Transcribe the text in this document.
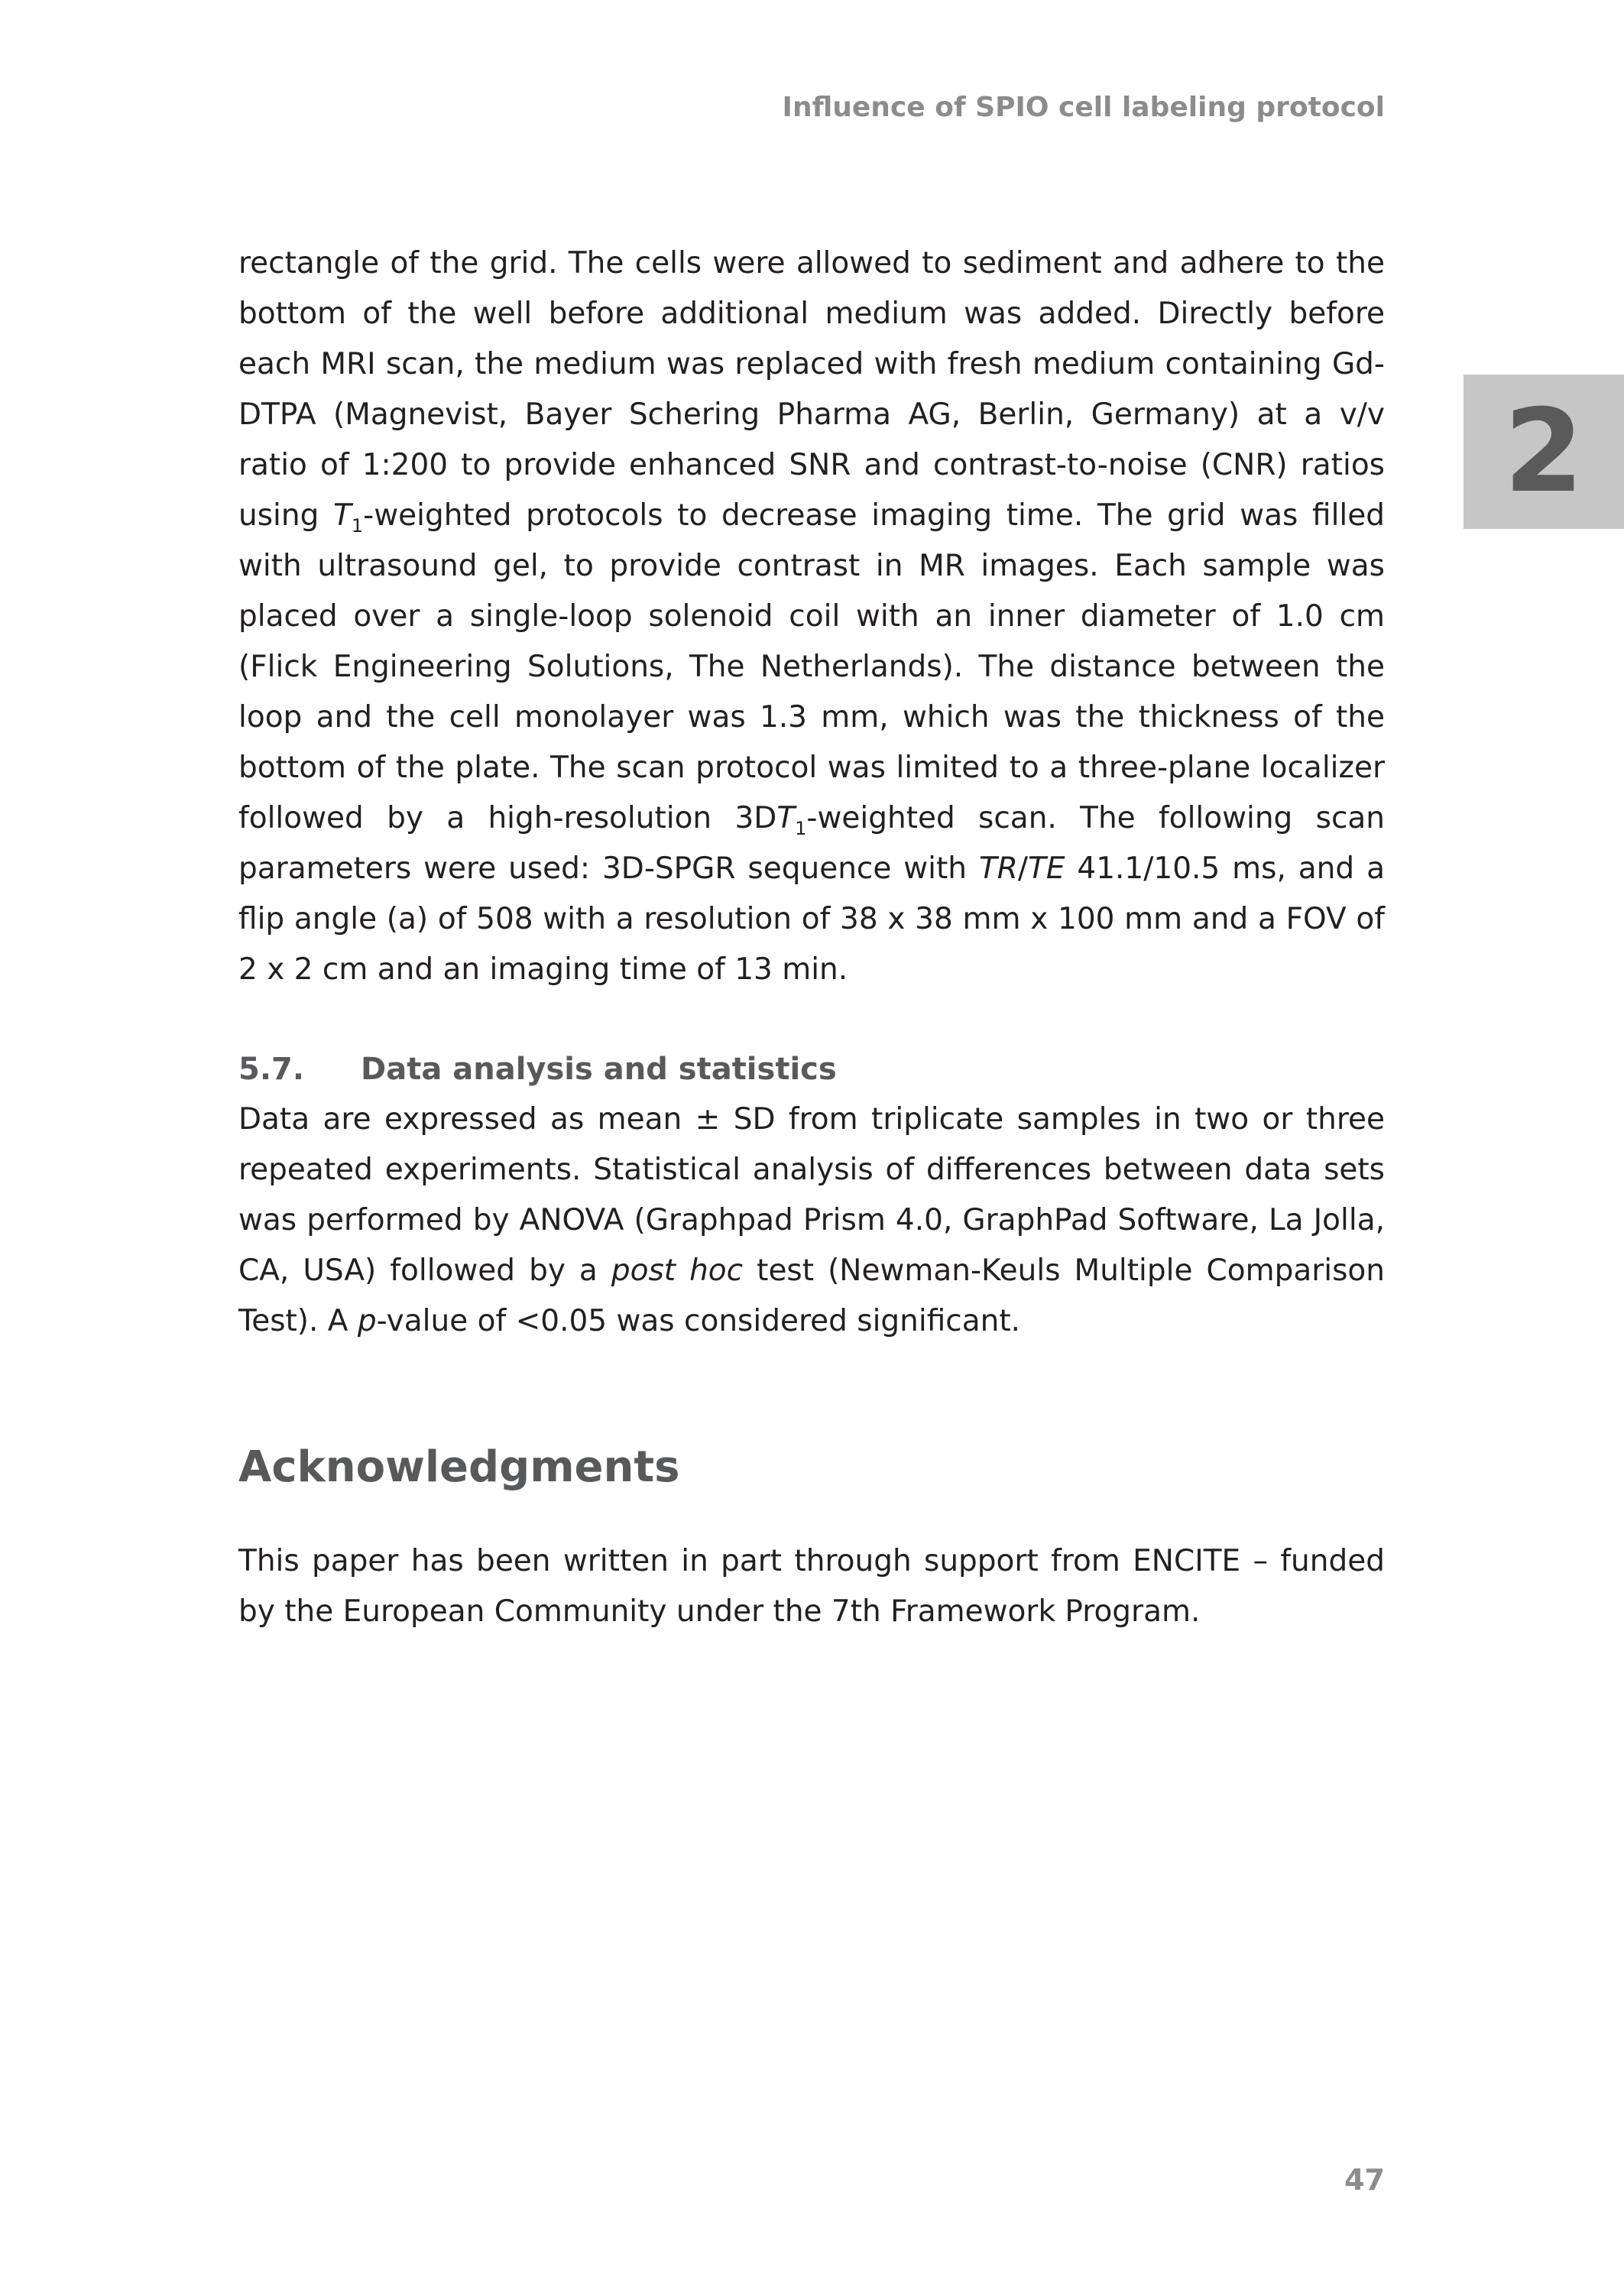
Influence of SPIO cell labeling protocol
2

rectangle of the grid. The cells were allowed to sediment and adhere to the bottom of the well before additional medium was added. Directly before each MRI scan, the medium was replaced with fresh medium containing Gd-DTPA (Magnevist, Bayer Schering Pharma AG, Berlin, Germany) at a v/v ratio of 1:200 to provide enhanced SNR and contrast-to-noise (CNR) ratios using $T_1$-weighted protocols to decrease imaging time. The grid was filled with ultrasound gel, to provide contrast in MR images. Each sample was placed over a single-loop solenoid coil with an inner diameter of 1.0 cm (Flick Engineering Solutions, The Netherlands). The distance between the loop and the cell monolayer was 1.3 mm, which was the thickness of the bottom of the plate. The scan protocol was limited to a three-plane localizer followed by a high-resolution $3DT_1$-weighted scan. The following scan parameters were used: 3D-SPGR sequence with TR/TE 41.1/10.5 ms, and a flip angle (a) of 508 with a resolution of 38 x 38 mm x 100 mm and a FOV of 2 x 2 cm and an imaging time of 13 min.

5.7. Data analysis and statistics

Data are expressed as mean ± SD from triplicate samples in two or three repeated experiments. Statistical analysis of differences between data sets was performed by ANOVA (Graphpad Prism 4.0, GraphPad Software, La Jolla, CA, USA) followed by a post hoc test (Newman-Keuls Multiple Comparison Test). A p-value of <0.05 was considered significant.

Acknowledgments

This paper has been written in part through support from ENCITE – funded by the European Community under the 7th Framework Program.

47
